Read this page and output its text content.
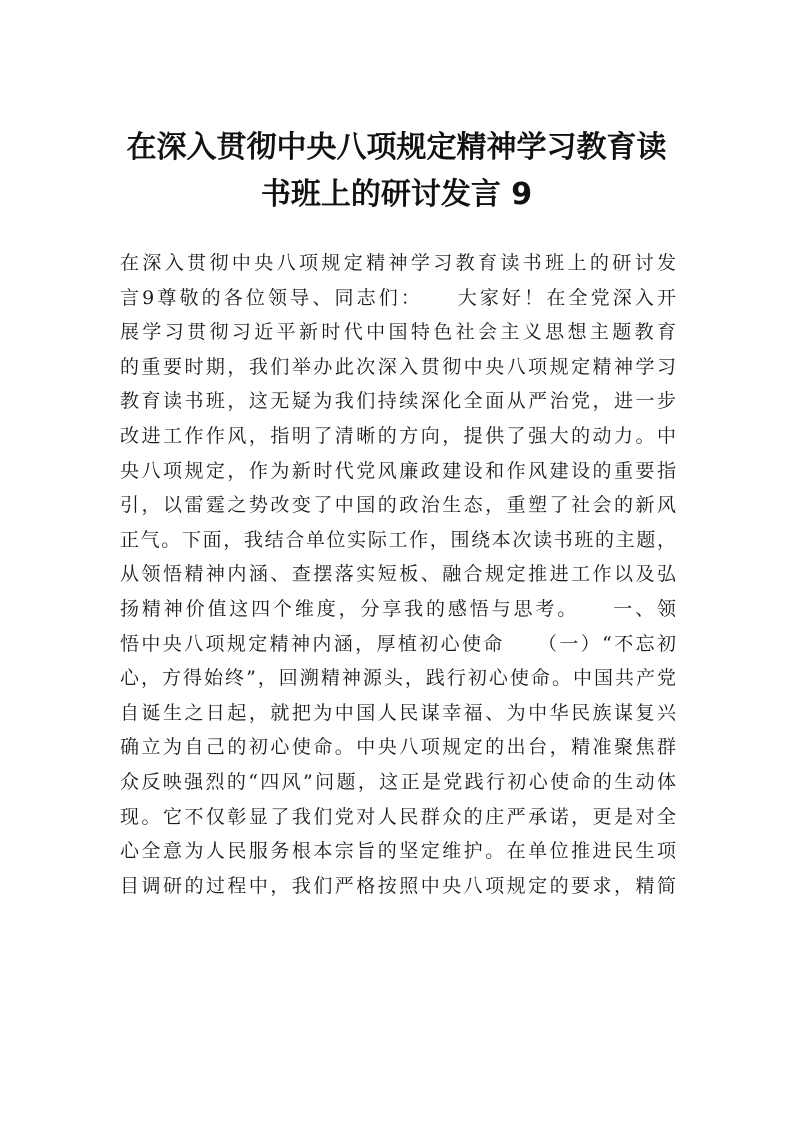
在深入贯彻中央八项规定精神学习教育读
书班上的研讨发言 9
在深入贯彻中央八项规定精神学习教育读书班上的研讨发
言9尊敬的各位领导、同志们：　　大家好！在全党深入开
展学习贯彻习近平新时代中国特色社会主义思想主题教育
的重要时期，我们举办此次深入贯彻中央八项规定精神学习
教育读书班，这无疑为我们持续深化全面从严治党，进一步
改进工作作风，指明了清晰的方向，提供了强大的动力。中
央八项规定，作为新时代党风廉政建设和作风建设的重要指
引，以雷霆之势改变了中国的政治生态，重塑了社会的新风
正气。下面，我结合单位实际工作，围绕本次读书班的主题，
从领悟精神内涵、查摆落实短板、融合规定推进工作以及弘
扬精神价值这四个维度，分享我的感悟与思考。　　一、领
悟中央八项规定精神内涵，厚植初心使命　　（一）“不忘初
心，方得始终”，回溯精神源头，践行初心使命。中国共产党
自诞生之日起，就把为中国人民谋幸福、为中华民族谋复兴
确立为自己的初心使命。中央八项规定的出台，精准聚焦群
众反映强烈的“四风”问题，这正是党践行初心使命的生动体
现。它不仅彰显了我们党对人民群众的庄严承诺，更是对全
心全意为人民服务根本宗旨的坚定维护。在单位推进民生项
目调研的过程中，我们严格按照中央八项规定的要求，精简
